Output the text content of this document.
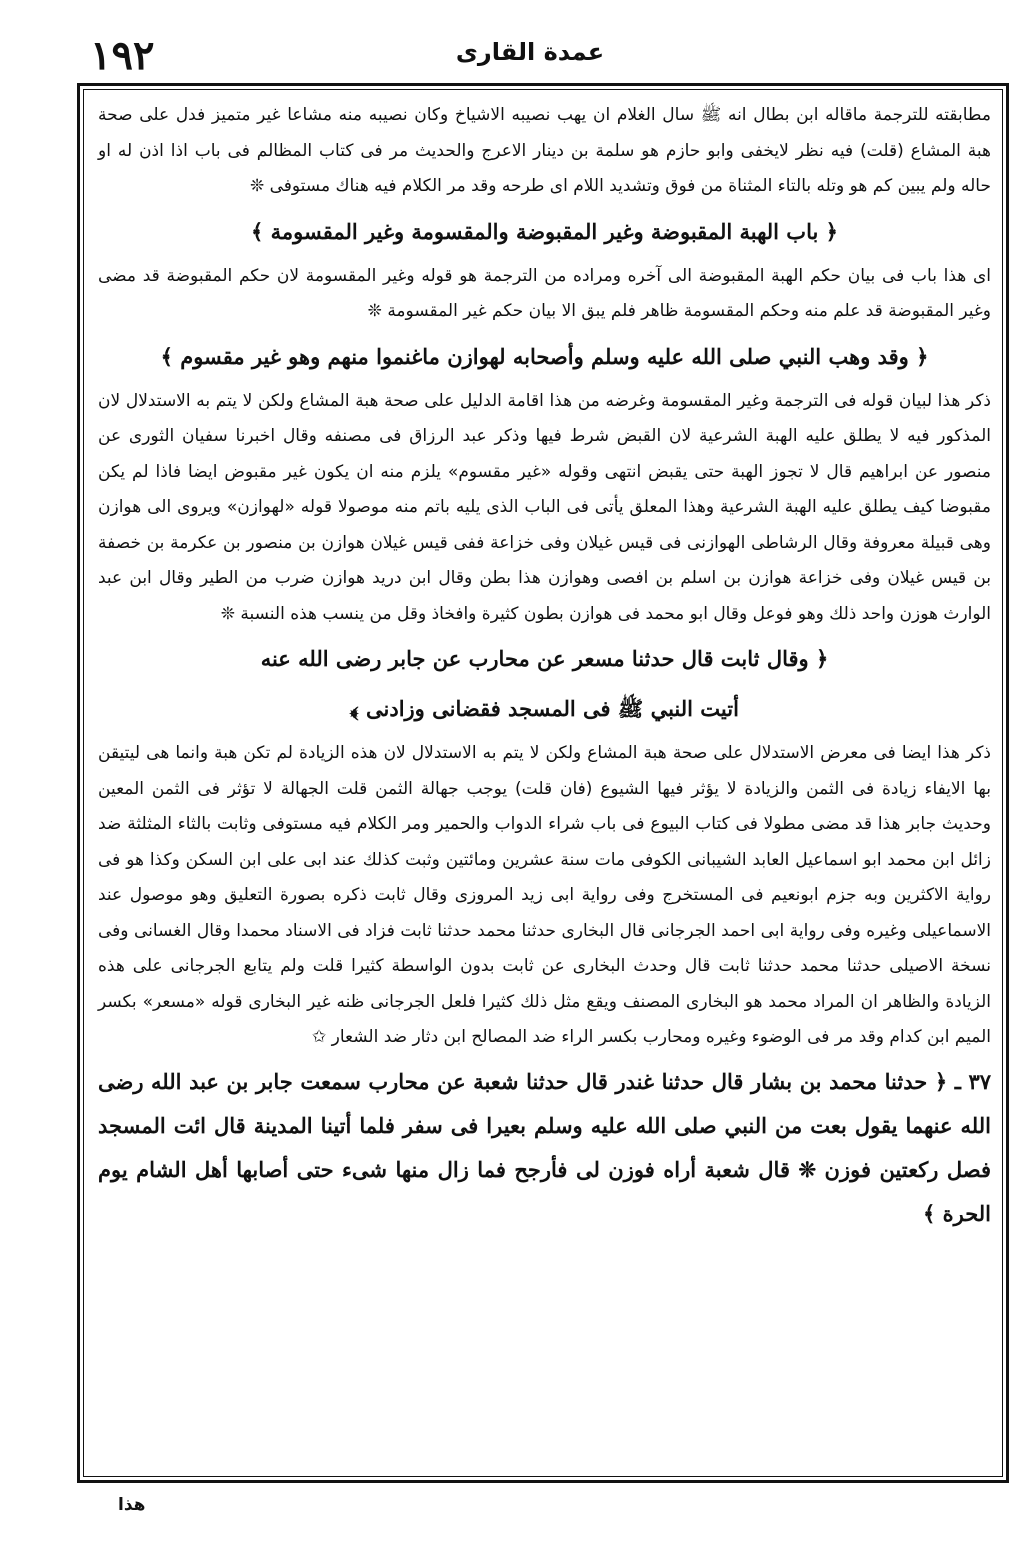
١٩٢	عمدة القارى

مطابقته للترجمة ماقاله ابن بطال انه ﷺ سال الغلام ان يهب نصيبه الاشياخ وكان نصيبه منه مشاعا غير متميز فدل على صحة هبة المشاع (قلت) فيه نظر لايخفى وابو حازم هو سلمة بن دينار الاعرج والحديث مر فى كتاب المظالم فى باب اذا اذن له او حاله ولم يبين كم هو وتله بالتاء المثناة من فوق وتشديد اللام اى طرحه وقد مر الكلام فيه هناك مستوفى ❊

﴿ باب الهبة المقبوضة وغير المقبوضة والمقسومة وغير المقسومة ﴾

اى هذا باب فى بيان حكم الهبة المقبوضة الى آخره ومراده من الترجمة هو قوله وغير المقسومة لان حكم المقبوضة قد مضى وغير المقبوضة قد علم منه وحكم المقسومة ظاهر فلم يبق الا بيان حكم غير المقسومة ❊

﴿ وقد وهب النبي صلى الله عليه وسلم وأصحابه لهوازن ماغنموا منهم وهو غير مقسوم ﴾

ذكر هذا لبيان قوله فى الترجمة وغير المقسومة وغرضه من هذا اقامة الدليل على صحة هبة المشاع ولكن لا يتم به الاستدلال لان المذكور فيه لا يطلق عليه الهبة الشرعية لان القبض شرط فيها وذكر عبد الرزاق فى مصنفه وقال اخبرنا سفيان الثورى عن منصور عن ابراهيم قال لا تجوز الهبة حتى يقبض انتهى وقوله «غير مقسوم» يلزم منه ان يكون غير مقبوض ايضا فاذا لم يكن مقبوضا كيف يطلق عليه الهبة الشرعية وهذا المعلق يأتى فى الباب الذى يليه باتم منه موصولا قوله «لهوازن» ويروى الى هوازن وهى قبيلة معروفة وقال الرشاطى الهوازنى فى قيس غيلان وفى خزاعة ففى قيس غيلان هوازن بن منصور بن عكرمة بن خصفة بن قيس غيلان وفى خزاعة هوازن بن اسلم بن افصى وهوازن هذا بطن وقال ابن دريد هوازن ضرب من الطير وقال ابن عبد الوارث هوزن واحد ذلك وهو فوعل وقال ابو محمد فى هوازن بطون كثيرة وافخاذ وقل من ينسب هذه النسبة ❊

﴿ وقال ثابت قال حدثنا مسعر عن محارب عن جابر رضى الله عنه
أتيت النبي ﷺ فى المسجد فقضانى وزادنى ﴾

ذكر هذا ايضا فى معرض الاستدلال على صحة هبة المشاع ولكن لا يتم به الاستدلال لان هذه الزيادة لم تكن هبة وانما هى ليتيقن بها الايفاء زيادة فى الثمن والزيادة لا يؤثر فيها الشيوع (فان قلت) يوجب جهالة الثمن قلت الجهالة لا تؤثر فى الثمن المعين وحديث جابر هذا قد مضى مطولا فى كتاب البيوع فى باب شراء الدواب والحمير ومر الكلام فيه مستوفى وثابت بالثاء المثلثة ضد زائل ابن محمد ابو اسماعيل العابد الشيبانى الكوفى مات سنة عشرين ومائتين وثبت كذلك عند ابى على ابن السكن وكذا هو فى رواية الاكثرين وبه جزم ابونعيم فى المستخرج وفى رواية ابى زيد المروزى وقال ثابت ذكره بصورة التعليق وهو موصول عند الاسماعيلى وغيره وفى رواية ابى احمد الجرجانى قال البخارى حدثنا محمد حدثنا ثابت فزاد فى الاسناد محمدا وقال الغسانى وفى نسخة الاصيلى حدثنا محمد حدثنا ثابت قال وحدث البخارى عن ثابت بدون الواسطة كثيرا قلت ولم يتابع الجرجانى على هذه الزيادة والظاهر ان المراد محمد هو البخارى المصنف ويقع مثل ذلك كثيرا فلعل الجرجانى ظنه غير البخارى قوله «مسعر» بكسر الميم ابن كدام وقد مر فى الوضوء وغيره ومحارب بكسر الراء ضد المصالح ابن دثار ضد الشعار ✩

٣٧ ـ ﴿ حدثنا محمد بن بشار قال حدثنا غندر قال حدثنا شعبة عن محارب سمعت جابر بن عبد الله رضى الله عنهما يقول بعت من النبي صلى الله عليه وسلم بعيرا فى سفر فلما أتينا المدينة قال ائت المسجد فصل ركعتين فوزن ❊ قال شعبة أراه فوزن لى فأرجح فما زال منها شىء حتى أصابها أهل الشام يوم الحرة ﴾
هذا
